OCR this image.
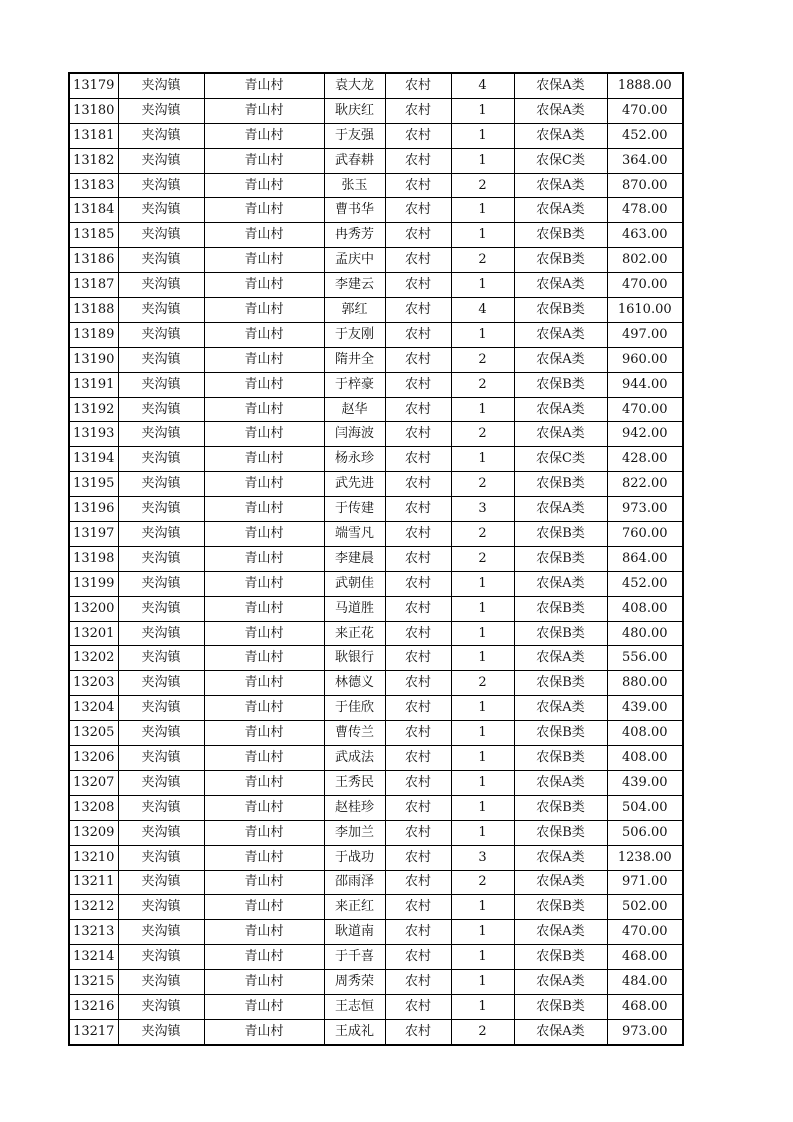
13179	夹沟镇	青山村	袁大龙	农村	4	农保A类	1888.00
13180	夹沟镇	青山村	耿庆红	农村	1	农保A类	470.00
13181	夹沟镇	青山村	于友强	农村	1	农保A类	452.00
13182	夹沟镇	青山村	武春耕	农村	1	农保C类	364.00
13183	夹沟镇	青山村	张玉	农村	2	农保A类	870.00
13184	夹沟镇	青山村	曹书华	农村	1	农保A类	478.00
13185	夹沟镇	青山村	冉秀芳	农村	1	农保B类	463.00
13186	夹沟镇	青山村	孟庆中	农村	2	农保B类	802.00
13187	夹沟镇	青山村	李建云	农村	1	农保A类	470.00
13188	夹沟镇	青山村	郭红	农村	4	农保B类	1610.00
13189	夹沟镇	青山村	于友刚	农村	1	农保A类	497.00
13190	夹沟镇	青山村	隋井全	农村	2	农保A类	960.00
13191	夹沟镇	青山村	于梓豪	农村	2	农保B类	944.00
13192	夹沟镇	青山村	赵华	农村	1	农保A类	470.00
13193	夹沟镇	青山村	闫海波	农村	2	农保A类	942.00
13194	夹沟镇	青山村	杨永珍	农村	1	农保C类	428.00
13195	夹沟镇	青山村	武先进	农村	2	农保B类	822.00
13196	夹沟镇	青山村	于传建	农村	3	农保A类	973.00
13197	夹沟镇	青山村	端雪凡	农村	2	农保B类	760.00
13198	夹沟镇	青山村	李建晨	农村	2	农保B类	864.00
13199	夹沟镇	青山村	武朝佳	农村	1	农保A类	452.00
13200	夹沟镇	青山村	马道胜	农村	1	农保B类	408.00
13201	夹沟镇	青山村	来正花	农村	1	农保B类	480.00
13202	夹沟镇	青山村	耿银行	农村	1	农保A类	556.00
13203	夹沟镇	青山村	林德义	农村	2	农保B类	880.00
13204	夹沟镇	青山村	于佳欣	农村	1	农保A类	439.00
13205	夹沟镇	青山村	曹传兰	农村	1	农保B类	408.00
13206	夹沟镇	青山村	武成法	农村	1	农保B类	408.00
13207	夹沟镇	青山村	王秀民	农村	1	农保A类	439.00
13208	夹沟镇	青山村	赵桂珍	农村	1	农保B类	504.00
13209	夹沟镇	青山村	李加兰	农村	1	农保B类	506.00
13210	夹沟镇	青山村	于战功	农村	3	农保A类	1238.00
13211	夹沟镇	青山村	邵雨泽	农村	2	农保A类	971.00
13212	夹沟镇	青山村	来正红	农村	1	农保B类	502.00
13213	夹沟镇	青山村	耿道南	农村	1	农保A类	470.00
13214	夹沟镇	青山村	于千喜	农村	1	农保B类	468.00
13215	夹沟镇	青山村	周秀荣	农村	1	农保A类	484.00
13216	夹沟镇	青山村	王志恒	农村	1	农保B类	468.00
13217	夹沟镇	青山村	王成礼	农村	2	农保A类	973.00
